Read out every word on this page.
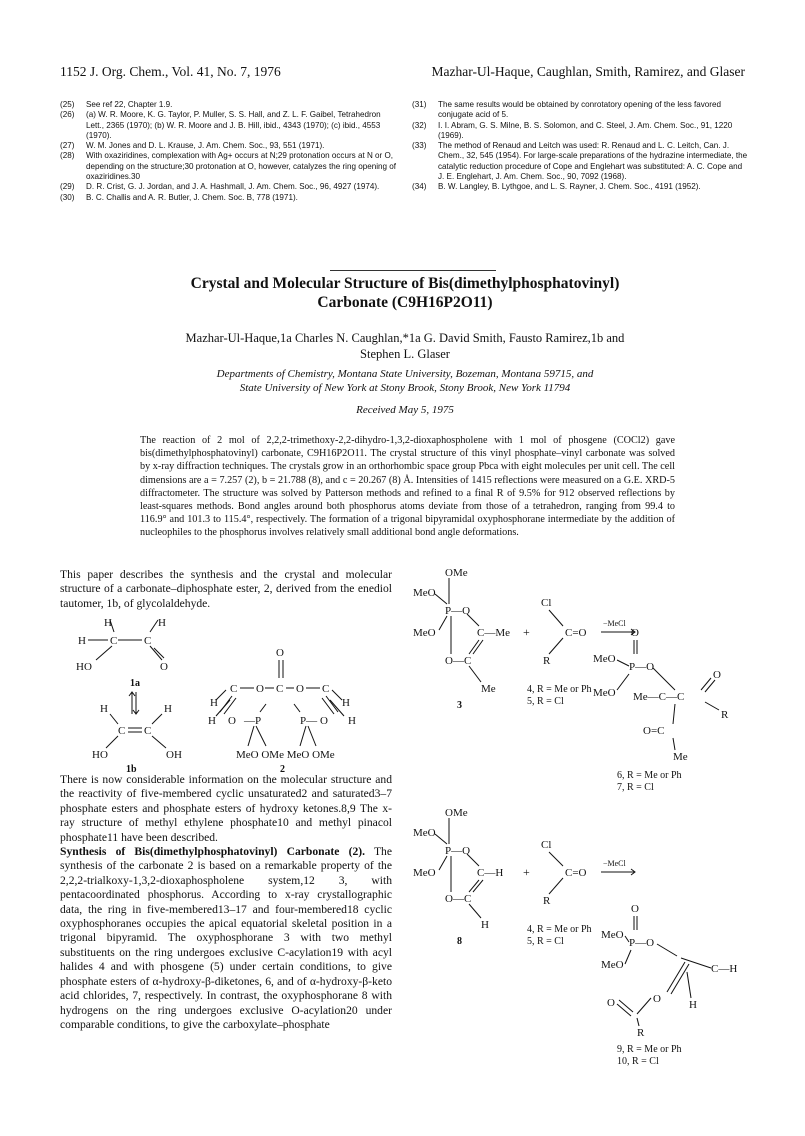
1152 J. Org. Chem., Vol. 41, No. 7, 1976	Mazhar-Ul-Haque, Caughlan, Smith, Ramirez, and Glaser
(25)	See ref 22, Chapter 1.9.
(26)	(a) W. R. Moore, K. G. Taylor, P. Muller, S. S. Hall, and Z. L. F. Gaibel, Tetrahedron Lett., 2365 (1970); (b) W. R. Moore and J. B. Hill, ibid., 4343 (1970); (c) ibid., 4553 (1970).
(27)	W. M. Jones and D. L. Krause, J. Am. Chem. Soc., 93, 551 (1971).
(28)	With oxaziridines, complexation with Ag+ occurs at N;29 protonation occurs at N or O, depending on the structure;30 protonation at O, however, catalyzes the ring opening of oxaziridines.30
(29)	D. R. Crist, G. J. Jordan, and J. A. Hashmall, J. Am. Chem. Soc., 96, 4927 (1974).
(30)	B. C. Challis and A. R. Butler, J. Chem. Soc. B, 778 (1971).
(31)	The same results would be obtained by conrotatory opening of the less favored conjugate acid of 5.
(32)	I. I. Abram, G. S. Milne, B. S. Solomon, and C. Steel, J. Am. Chem. Soc., 91, 1220 (1969).
(33)	The method of Renaud and Leitch was used: R. Renaud and L. C. Leitch, Can. J. Chem., 32, 545 (1954). For large-scale preparations of the hydrazine intermediate, the catalytic reduction procedure of Cope and Englehart was substituted: A. C. Cope and J. E. Englehart, J. Am. Chem. Soc., 90, 7092 (1968).
(34)	B. W. Langley, B. Lythgoe, and L. S. Rayner, J. Chem. Soc., 4191 (1952).
Crystal and Molecular Structure of Bis(dimethylphosphatovinyl)
Carbonate (C9H16P2O11)
Mazhar-Ul-Haque,1a Charles N. Caughlan,*1a G. David Smith, Fausto Ramirez,1b and
Stephen L. Glaser
Departments of Chemistry, Montana State University, Bozeman, Montana 59715, and
State University of New York at Stony Brook, Stony Brook, New York 11794
Received May 5, 1975
The reaction of 2 mol of 2,2,2-trimethoxy-2,2-dihydro-1,3,2-dioxaphospholene with 1 mol of phosgene (COCl2) gave bis(dimethylphosphatovinyl) carbonate, C9H16P2O11. The crystal structure of this vinyl phosphate–vinyl carbonate was solved by x-ray diffraction techniques. The crystals grow in an orthorhombic space group Pbca with eight molecules per unit cell. The cell dimensions are a = 7.257 (2), b = 21.788 (8), and c = 20.267 (8) Å. Intensities of 1415 reflections were measured on a G.E. XRD-5 diffractometer. The structure was solved by Patterson methods and refined to a final R of 9.5% for 912 observed reflections by least-squares methods. Bond angles around both phosphorus atoms deviate from those of a tetrahedron, ranging from 99.4 to 116.9° and 101.3 to 115.4°, respectively. The formation of a trigonal bipyramidal oxyphosphorane intermediate by the addition of nucleophiles to the phosphorus involves relatively small additional bond angle deformations.
This paper describes the synthesis and the crystal and molecular structure of a carbonate–diphosphate ester, 2, derived from the enediol tautomer, 1b, of glycolaldehyde.
H	H
H C C
HO	O
1a
H	H
C C
HO	OH
1b
O
H	H
C O C O C
H O —P	P— O H
MeO OMe MeO OMe
2
There is now considerable information on the molecular structure and the reactivity of five-membered cyclic unsaturated2 and saturated3–7 phosphate esters and phosphate esters of hydroxy ketones.8,9 The x-ray structure of methyl ethylene phosphate10 and methyl pinacol phosphate11 have been described.
Synthesis of Bis(dimethylphosphatovinyl) Carbonate (2). The synthesis of the carbonate 2 is based on a remarkable property of the 2,2,2-trialkoxy-1,3,2-dioxaphospholene system,12 3, with pentacoordinated phosphorus. According to x-ray crystallographic data, the ring in five-membered13–17 and four-membered18 cyclic oxyphosphoranes occupies the apical equatorial skeletal position in a trigonal bipyramid. The oxyphosphorane 3 with two methyl substituents on the ring undergoes exclusive C-acylation19 with acyl halides 4 and with phosgene (5) under certain conditions, to give phosphate esters of α-hydroxy-β-diketones, 6, and of α-hydroxy-β-keto acid chlorides, 7, respectively. In contrast, the oxyphosphorane 8 with hydrogens on the ring undergoes exclusive O-acylation20 under comparable conditions, to give the carboxylate–phosphate
OMe
MeO
P—O
MeO	C—Me
O—C
Me
3
+
Cl
C=O
R
4, R = Me or Ph
5, R = Cl
−MeCl
O
MeO
P—O
MeO Me—C—C
O
R
O=C
Me
6, R = Me or Ph
7, R = Cl
OMe
MeO
P—O
MeO	C—H
O—C
H
8
+
Cl
C=O
R
4, R = Me or Ph
5, R = Cl
−MeCl
O
MeO
P—O
MeO	C—H
H
O	O
R
9, R = Me or Ph
10, R = Cl
